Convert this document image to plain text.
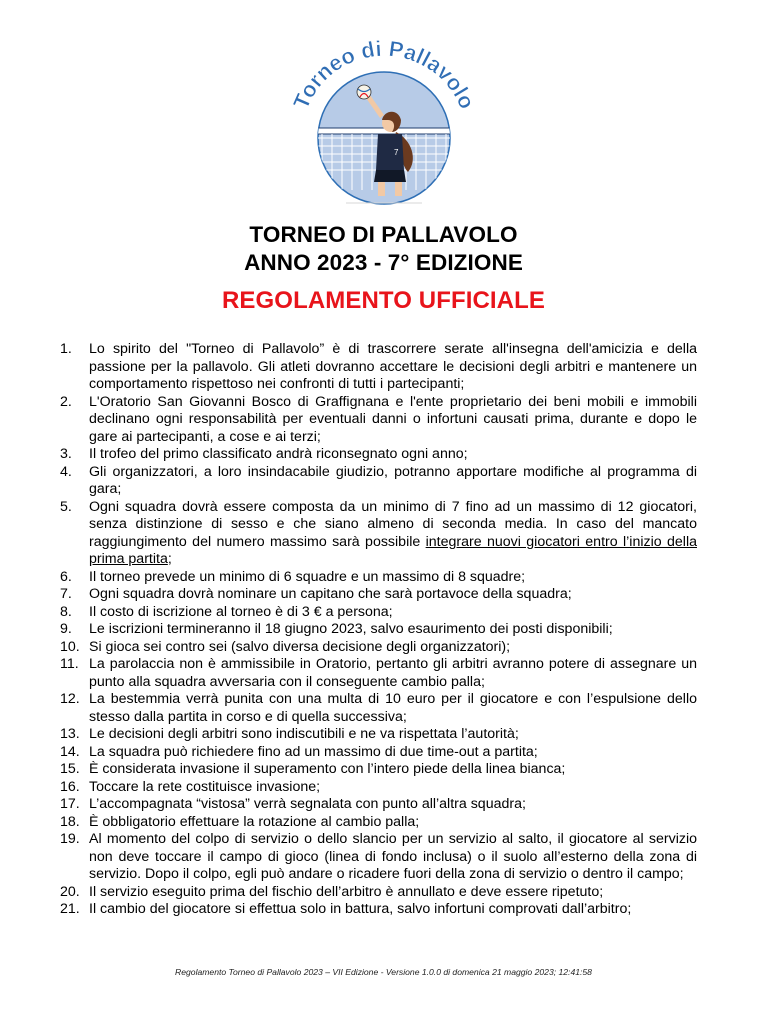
7
Torneo di Pallavolo
TORNEO DI PALLAVOLO
ANNO 2023 - 7° EDIZIONE
REGOLAMENTO UFFICIALE
1. Lo spirito del "Torneo di Pallavolo” è di trascorrere serate all'insegna dell'amicizia e della passione per la pallavolo. Gli atleti dovranno accettare le decisioni degli arbitri e mantenere un comportamento rispettoso nei confronti di tutti i partecipanti;
2. L'Oratorio San Giovanni Bosco di Graffignana e l'ente proprietario dei beni mobili e immobili declinano ogni responsabilità per eventuali danni o infortuni causati prima, durante e dopo le gare ai partecipanti, a cose e ai terzi;
3. Il trofeo del primo classificato andrà riconsegnato ogni anno;
4. Gli organizzatori, a loro insindacabile giudizio, potranno apportare modifiche al programma di gara;
5. Ogni squadra dovrà essere composta da un minimo di 7 fino ad un massimo di 12 giocatori, senza distinzione di sesso e che siano almeno di seconda media. In caso del mancato raggiungimento del numero massimo sarà possibile integrare nuovi giocatori entro l’inizio della prima partita;
6. Il torneo prevede un minimo di 6 squadre e un massimo di 8 squadre;
7. Ogni squadra dovrà nominare un capitano che sarà portavoce della squadra;
8. Il costo di iscrizione al torneo è di 3 € a persona;
9. Le iscrizioni termineranno il 18 giugno 2023, salvo esaurimento dei posti disponibili;
10. Si gioca sei contro sei (salvo diversa decisione degli organizzatori);
11. La parolaccia non è ammissibile in Oratorio, pertanto gli arbitri avranno potere di assegnare un punto alla squadra avversaria con il conseguente cambio palla;
12. La bestemmia verrà punita con una multa di 10 euro per il giocatore e con l’espulsione dello stesso dalla partita in corso e di quella successiva;
13. Le decisioni degli arbitri sono indiscutibili e ne va rispettata l’autorità;
14. La squadra può richiedere fino ad un massimo di due time-out a partita;
15. È considerata invasione il superamento con l’intero piede della linea bianca;
16. Toccare la rete costituisce invasione;
17. L’accompagnata “vistosa” verrà segnalata con punto all’altra squadra;
18. È obbligatorio effettuare la rotazione al cambio palla;
19. Al momento del colpo di servizio o dello slancio per un servizio al salto, il giocatore al servizio non deve toccare il campo di gioco (linea di fondo inclusa) o il suolo all’esterno della zona di servizio. Dopo il colpo, egli può andare o ricadere fuori della zona di servizio o dentro il campo;
20. Il servizio eseguito prima del fischio dell’arbitro è annullato e deve essere ripetuto;
21. Il cambio del giocatore si effettua solo in battura, salvo infortuni comprovati dall’arbitro;
Regolamento Torneo di Pallavolo 2023 – VII Edizione - Versione 1.0.0 di domenica 21 maggio 2023; 12:41:58
